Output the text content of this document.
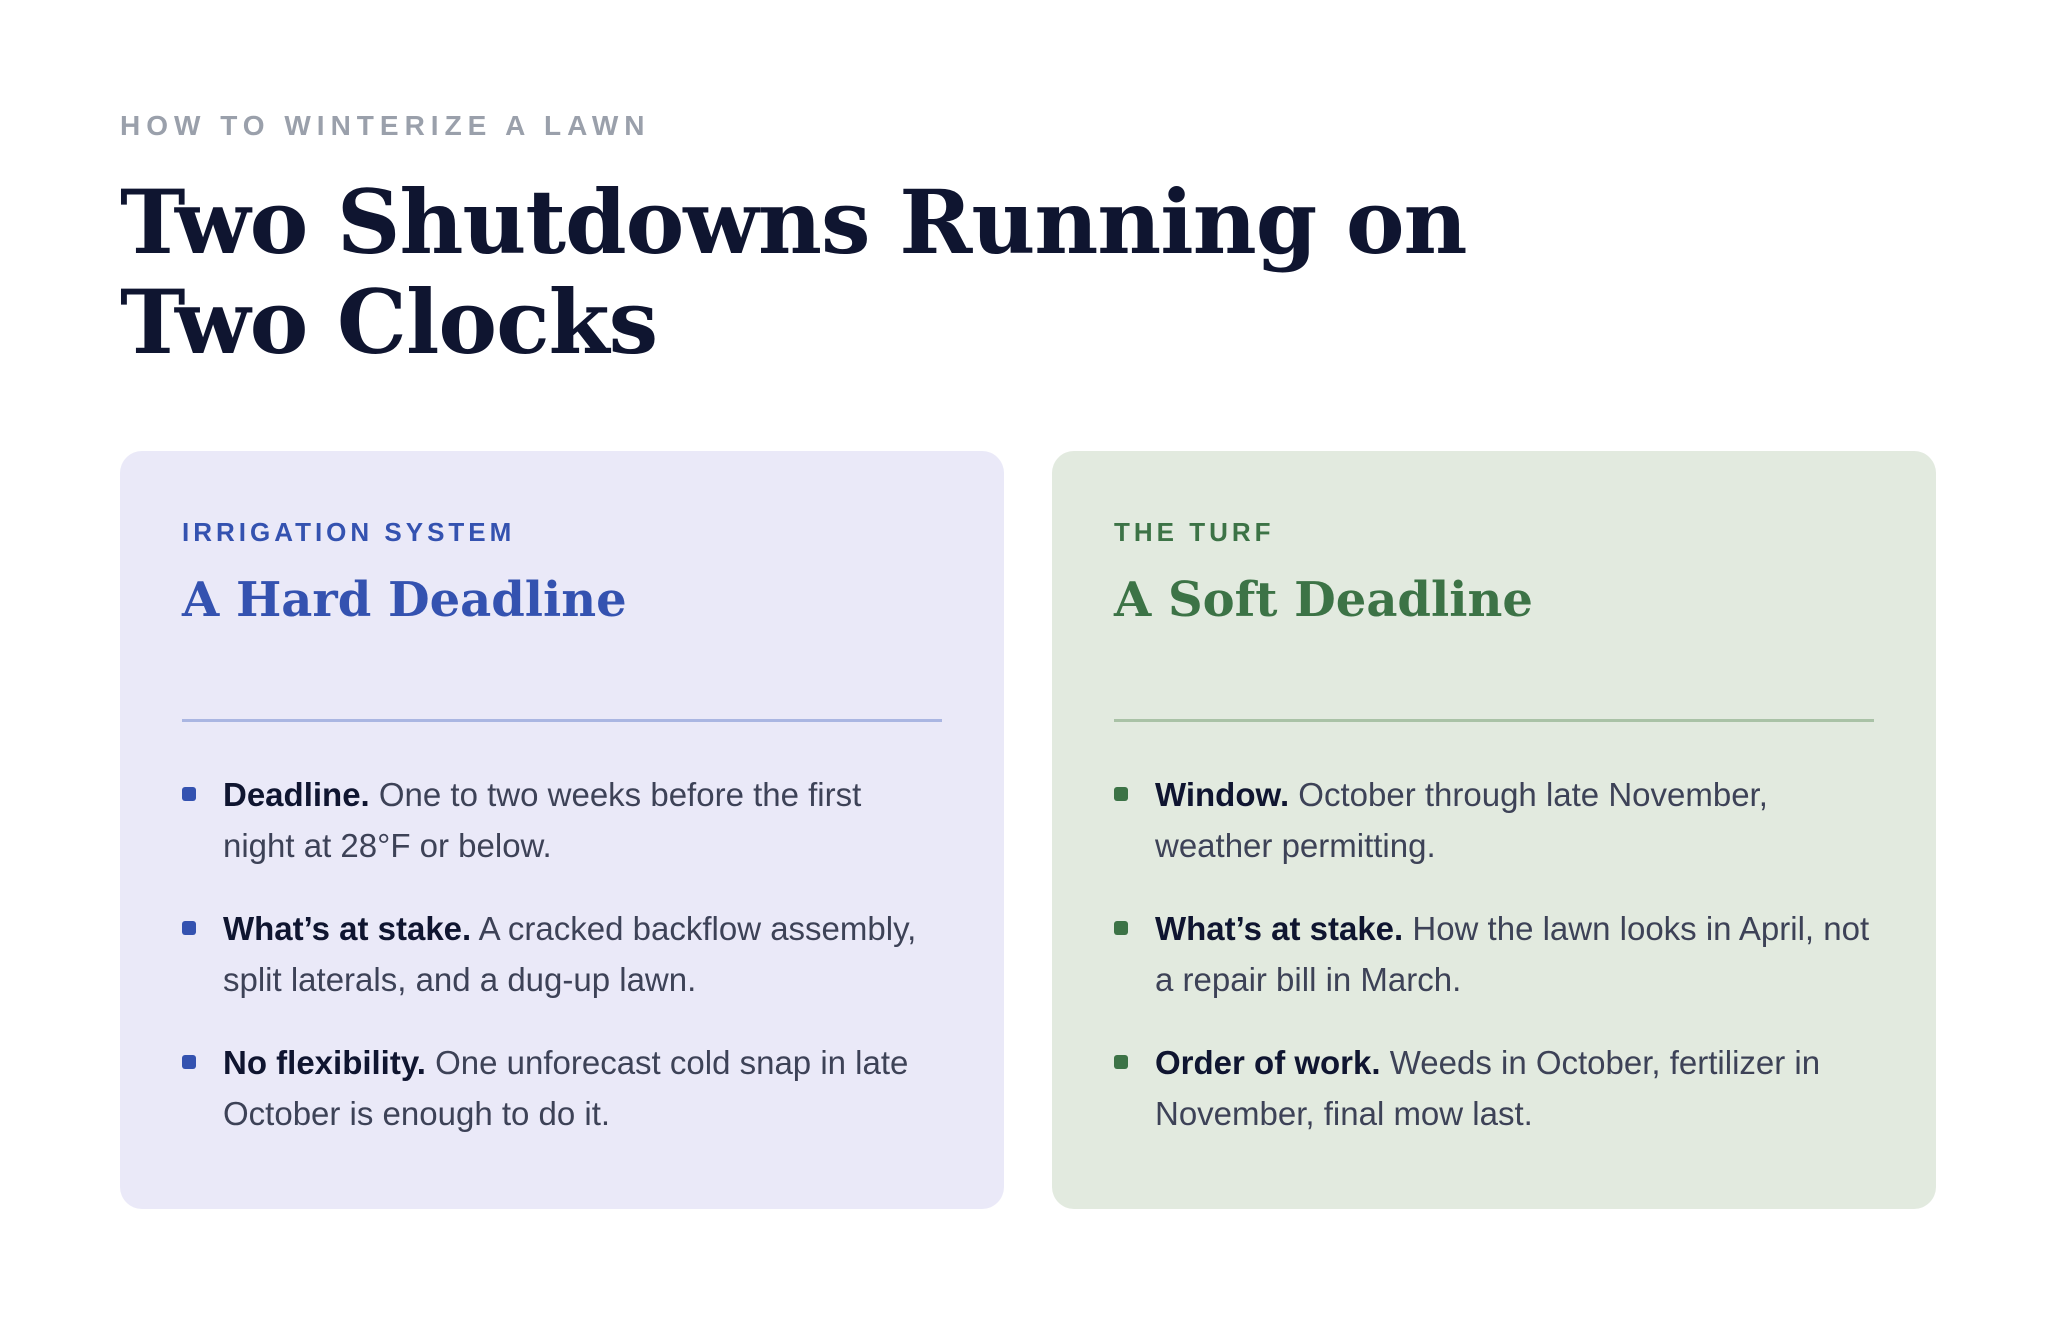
HOW TO WINTERIZE A LAWN

Two Shutdowns Running on Two Clocks

IRRIGATION SYSTEM

A Hard Deadline
Deadline. One to two weeks before the first night at 28°F or below.
What’s at stake. A cracked backflow assembly, split laterals, and a dug-up lawn.
No flexibility. One unforecast cold snap in late October is enough to do it.

THE TURF

A Soft Deadline
Window. October through late November, weather permitting.
What’s at stake. How the lawn looks in April, not a repair bill in March.
Order of work. Weeds in October, fertilizer in November, final mow last.
